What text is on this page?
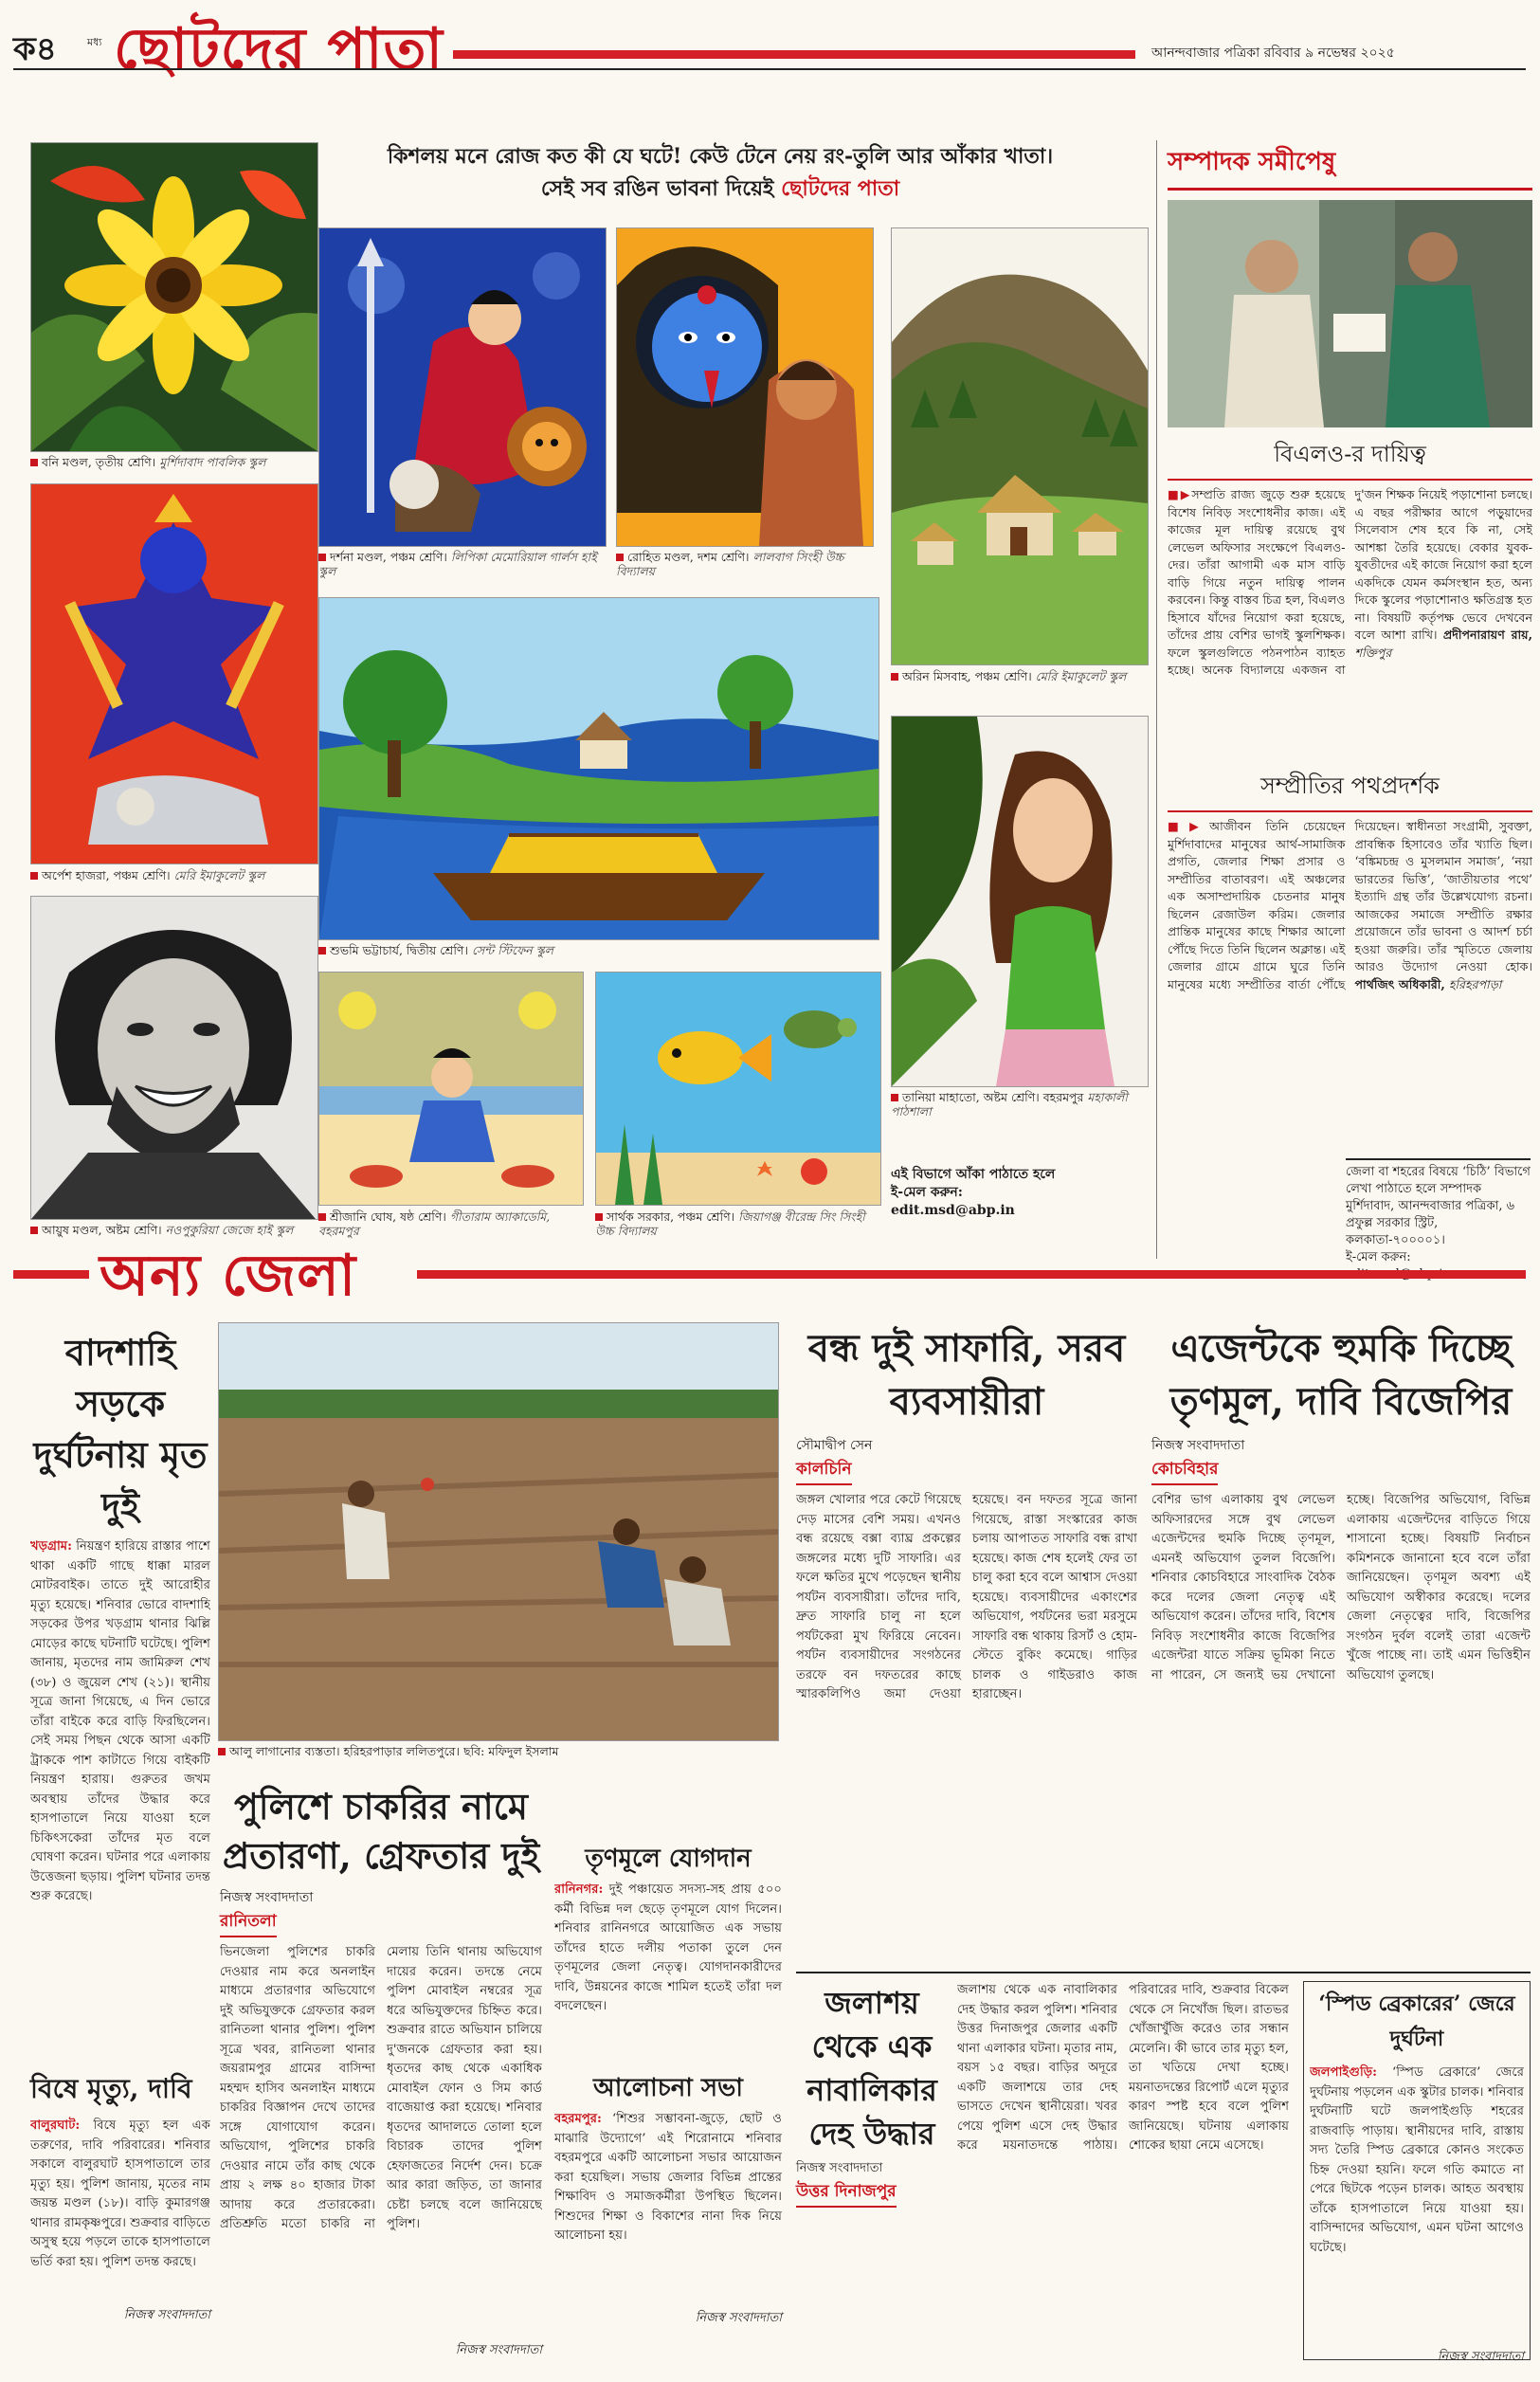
ক৪	মধ্য ছোটদের পাতা	আনন্দবাজার পত্রিকা রবিবার ৯ নভেম্বর ২০২৫
কিশলয় মনে রোজ কত কী যে ঘটে! কেউ টেনে নেয় রং-তুলি আর আঁকার খাতা।
সেই সব রঙিন ভাবনা দিয়েই ছোটদের পাতা
বনি মণ্ডল, তৃতীয় শ্রেণি। মুর্শিদাবাদ পাবলিক স্কুল
দর্শনা মণ্ডল, পঞ্চম শ্রেণি। লিপিকা মেমোরিয়াল গার্লস হাই স্কুল
রোহিত মণ্ডল, দশম শ্রেণি। লালবাগ সিংহী উচ্চ বিদ্যালয়
অরিন মিসবাহ, পঞ্চম শ্রেণি। মেরি ইমাকুলেট স্কুল
অর্পেশ হাজরা, পঞ্চম শ্রেণি। মেরি ইমাকুলেট স্কুল
শুভমি ভট্টাচার্য, দ্বিতীয় শ্রেণি। সেন্ট স্টিফেন স্কুল
তানিয়া মাহাতো, অষ্টম শ্রেণি। বহরমপুর মহাকালী পাঠশালা
আয়ুষ মণ্ডল, অষ্টম শ্রেণি। নওপুকুরিয়া জেজে হাই স্কুল
শ্রীজানি ঘোষ, ষষ্ঠ শ্রেণি। গীতারাম অ্যাকাডেমি, বহরমপুর
সার্থক সরকার, পঞ্চম শ্রেণি। জিয়াগঞ্জ বীরেন্দ্র সিং সিংহী উচ্চ বিদ্যালয়
এই বিভাগে আঁকা পাঠাতে হলে
ই-মেল করুন:
edit.msd@abp.in
সম্পাদক সমীপেষু
বিএলও-র দায়িত্ব
■▶সম্প্রতি রাজ্য জুড়ে শুরু হয়েছে বিশেষ নিবিড় সংশোধনীর কাজ। এই কাজের মূল দায়িত্ব রয়েছে বুথ লেভেল অফিসার সংক্ষেপে বিএলও-দের। তাঁরা আগামী এক মাস বাড়ি বাড়ি গিয়ে নতুন দায়িত্ব পালন করবেন। কিন্তু বাস্তব চিত্র হল, বিএলও হিসাবে যাঁদের নিয়োগ করা হয়েছে, তাঁদের প্রায় বেশির ভাগই স্কুলশিক্ষক। ফলে স্কুলগুলিতে পঠনপাঠন ব্যাহত হচ্ছে। অনেক বিদ্যালয়ে একজন বা দু'জন শিক্ষক নিয়েই পড়াশোনা চলছে। এ বছর পরীক্ষার আগে পড়ুয়াদের সিলেবাস শেষ হবে কি না, সেই আশঙ্কা তৈরি হয়েছে। বেকার যুবক-যুবতীদের এই কাজে নিয়োগ করা হলে একদিকে যেমন কর্মসংস্থান হত, অন্য দিকে স্কুলের পড়াশোনাও ক্ষতিগ্রস্ত হত না। বিষয়টি কর্তৃপক্ষ ভেবে দেখবেন বলে আশা রাখি। প্রদীপনারায়ণ রায়, শক্তিপুর
সম্প্রীতির পথপ্রদর্শক
■▶আজীবন তিনি চেয়েছেন মুর্শিদাবাদের মানুষের আর্থ-সামাজিক প্রগতি, জেলার শিক্ষা প্রসার ও সম্প্রীতির বাতাবরণ। এই অঞ্চলের এক অসাম্প্রদায়িক চেতনার মানুষ ছিলেন রেজাউল করিম। জেলার প্রান্তিক মানুষের কাছে শিক্ষার আলো পৌঁছে দিতে তিনি ছিলেন অক্লান্ত। এই জেলার গ্রামে গ্রামে ঘুরে তিনি মানুষের মধ্যে সম্প্রীতির বার্তা পৌঁছে দিয়েছেন। স্বাধীনতা সংগ্রামী, সুবক্তা, প্রাবন্ধিক হিসাবেও তাঁর খ্যাতি ছিল। ‘বঙ্কিমচন্দ্র ও মুসলমান সমাজ’, ‘নয়া ভারতের ভিত্তি’, ‘জাতীয়তার পথে’ ইত্যাদি গ্রন্থ তাঁর উল্লেখযোগ্য রচনা। আজকের সমাজে সম্প্রীতি রক্ষার প্রয়োজনে তাঁর ভাবনা ও আদর্শ চর্চা হওয়া জরুরি। তাঁর স্মৃতিতে জেলায় আরও উদ্যোগ নেওয়া হোক। পার্থজিৎ অধিকারী, হরিহরপাড়া
জেলা বা শহরের বিষয়ে ‘চিঠি’ বিভাগে লেখা পাঠাতে হলে সম্পাদক মুর্শিদাবাদ, আনন্দবাজার পত্রিকা, ৬ প্রফুল্ল সরকার স্ট্রিট, কলকাতা-৭০০০০১।
ই-মেল করুন:
অন্য জেলা
বাদশাহি সড়কে দুর্ঘটনায় মৃত দুই
খড়গ্রাম: নিয়ন্ত্রণ হারিয়ে রাস্তার পাশে থাকা একটি গাছে ধাক্কা মারল মোটরবাইক। তাতে দুই আরোহীর মৃত্যু হয়েছে। শনিবার ভোরে বাদশাহি সড়কের উপর খড়গ্রাম থানার ঝিল্লি মোড়ের কাছে ঘটনাটি ঘটেছে। পুলিশ জানায়, মৃতদের নাম জামিরুল শেখ (৩৮) ও জুয়েল শেখ (২১)। স্থানীয় সূত্রে জানা গিয়েছে, এ দিন ভোরে তাঁরা বাইকে করে বাড়ি ফিরছিলেন। সেই সময় পিছন থেকে আসা একটি ট্রাককে পাশ কাটাতে গিয়ে বাইকটি নিয়ন্ত্রণ হারায়। গুরুতর জখম অবস্থায় তাঁদের উদ্ধার করে হাসপাতালে নিয়ে যাওয়া হলে চিকিৎসকেরা তাঁদের মৃত বলে ঘোষণা করেন। ঘটনার পরে এলাকায় উত্তেজনা ছড়ায়। পুলিশ ঘটনার তদন্ত শুরু করেছে।
বিষে মৃত্যু, দাবি
বালুরঘাট: বিষে মৃত্যু হল এক তরুণের, দাবি পরিবারের। শনিবার সকালে বালুরঘাট হাসপাতালে তার মৃত্যু হয়। পুলিশ জানায়, মৃতের নাম জয়ন্ত মণ্ডল (১৮)। বাড়ি কুমারগঞ্জ থানার রামকৃষ্ণপুরে। শুক্রবার বাড়িতে অসুস্থ হয়ে পড়লে তাকে হাসপাতালে ভর্তি করা হয়। পুলিশ তদন্ত করছে।
নিজস্ব সংবাদদাতা
আলু লাগানোর ব্যস্ততা। হরিহরপাড়ার ললিতপুরে। ছবি: মফিদুল ইসলাম
পুলিশে চাকরির নামে প্রতারণা, গ্রেফতার দুই
নিজস্ব সংবাদদাতা
রানিতলা
ভিনজেলা পুলিশের চাকরি দেওয়ার নাম করে অনলাইন মাধ্যমে প্রতারণার অভিযোগে দুই অভিযুক্তকে গ্রেফতার করল রানিতলা থানার পুলিশ। পুলিশ সূত্রে খবর, রানিতলা থানার জয়রামপুর গ্রামের বাসিন্দা মহম্মদ হাসিব অনলাইন মাধ্যমে চাকরির বিজ্ঞাপন দেখে তাদের সঙ্গে যোগাযোগ করেন। অভিযোগ, পুলিশের চাকরি দেওয়ার নামে তাঁর কাছ থেকে প্রায় ২ লক্ষ ৪০ হাজার টাকা আদায় করে প্রতারকেরা। প্রতিশ্রুতি মতো চাকরি না মেলায় তিনি থানায় অভিযোগ দায়ের করেন। তদন্তে নেমে পুলিশ মোবাইল নম্বরের সূত্র ধরে অভিযুক্তদের চিহ্নিত করে। শুক্রবার রাতে অভিযান চালিয়ে দু'জনকে গ্রেফতার করা হয়। ধৃতদের কাছ থেকে একাধিক মোবাইল ফোন ও সিম কার্ড বাজেয়াপ্ত করা হয়েছে। শনিবার ধৃতদের আদালতে তোলা হলে বিচারক তাদের পুলিশ হেফাজতের নির্দেশ দেন। চক্রে আর কারা জড়িত, তা জানার চেষ্টা চলছে বলে জানিয়েছে পুলিশ।
নিজস্ব সংবাদদাতা
তৃণমূলে যোগদান
রানিনগর: দুই পঞ্চায়েত সদস্য-সহ প্রায় ৫০০ কর্মী বিভিন্ন দল ছেড়ে তৃণমূলে যোগ দিলেন। শনিবার রানিনগরে আয়োজিত এক সভায় তাঁদের হাতে দলীয় পতাকা তুলে দেন তৃণমূলের জেলা নেতৃত্ব। যোগদানকারীদের দাবি, উন্নয়নের কাজে শামিল হতেই তাঁরা দল বদলেছেন।
আলোচনা সভা
বহরমপুর: ‘শিশুর সম্ভাবনা-জুড়ে, ছোট ও মাঝারি উদ্যোগে’ এই শিরোনামে শনিবার বহরমপুরে একটি আলোচনা সভার আয়োজন করা হয়েছিল। সভায় জেলার বিভিন্ন প্রান্তের শিক্ষাবিদ ও সমাজকর্মীরা উপস্থিত ছিলেন। শিশুদের শিক্ষা ও বিকাশের নানা দিক নিয়ে আলোচনা হয়।
নিজস্ব সংবাদদাতা
বন্ধ দুই সাফারি, সরব ব্যবসায়ীরা
সৌমাদ্বীপ সেন
কালচিনি
জঙ্গল খোলার পরে কেটে গিয়েছে দেড় মাসের বেশি সময়। এখনও বন্ধ রয়েছে বক্সা ব্যাঘ্র প্রকল্পের জঙ্গলের মধ্যে দুটি সাফারি। এর ফলে ক্ষতির মুখে পড়েছেন স্থানীয় পর্যটন ব্যবসায়ীরা। তাঁদের দাবি, দ্রুত সাফারি চালু না হলে পর্যটকেরা মুখ ফিরিয়ে নেবেন। পর্যটন ব্যবসায়ীদের সংগঠনের তরফে বন দফতরের কাছে স্মারকলিপিও জমা দেওয়া হয়েছে। বন দফতর সূত্রে জানা গিয়েছে, রাস্তা সংস্কারের কাজ চলায় আপাতত সাফারি বন্ধ রাখা হয়েছে। কাজ শেষ হলেই ফের তা চালু করা হবে বলে আশ্বাস দেওয়া হয়েছে। ব্যবসায়ীদের একাংশের অভিযোগ, পর্যটনের ভরা মরসুমে সাফারি বন্ধ থাকায় রিসর্ট ও হোম-স্টেতে বুকিং কমেছে। গাড়ির চালক ও গাইডরাও কাজ হারাচ্ছেন।
এজেন্টকে হুমকি দিচ্ছে তৃণমূল, দাবি বিজেপির
নিজস্ব সংবাদদাতা
কোচবিহার
বেশির ভাগ এলাকায় বুথ লেভেল অফিসারদের সঙ্গে বুথ লেভেল এজেন্টদের হুমকি দিচ্ছে তৃণমূল, এমনই অভিযোগ তুলল বিজেপি। শনিবার কোচবিহারে সাংবাদিক বৈঠক করে দলের জেলা নেতৃত্ব এই অভিযোগ করেন। তাঁদের দাবি, বিশেষ নিবিড় সংশোধনীর কাজে বিজেপির এজেন্টরা যাতে সক্রিয় ভূমিকা নিতে না পারেন, সে জন্যই ভয় দেখানো হচ্ছে। বিজেপির অভিযোগ, বিভিন্ন এলাকায় এজেন্টদের বাড়িতে গিয়ে শাসানো হচ্ছে। বিষয়টি নির্বাচন কমিশনকে জানানো হবে বলে তাঁরা জানিয়েছেন। তৃণমূল অবশ্য এই অভিযোগ অস্বীকার করেছে। দলের জেলা নেতৃত্বের দাবি, বিজেপির সংগঠন দুর্বল বলেই তারা এজেন্ট খুঁজে পাচ্ছে না। তাই এমন ভিত্তিহীন অভিযোগ তুলছে।
জলাশয় থেকে এক নাবালিকার দেহ উদ্ধার
নিজস্ব সংবাদদাতা
উত্তর দিনাজপুর
জলাশয় থেকে এক নাবালিকার দেহ উদ্ধার করল পুলিশ। শনিবার উত্তর দিনাজপুর জেলার একটি থানা এলাকার ঘটনা। মৃতার নাম, বয়স ১৫ বছর। বাড়ির অদূরে একটি জলাশয়ে তার দেহ ভাসতে দেখেন স্থানীয়েরা। খবর পেয়ে পুলিশ এসে দেহ উদ্ধার করে ময়নাতদন্তে পাঠায়। পরিবারের দাবি, শুক্রবার বিকেল থেকে সে নিখোঁজ ছিল। রাতভর খোঁজাখুঁজি করেও তার সন্ধান মেলেনি। কী ভাবে তার মৃত্যু হল, তা খতিয়ে দেখা হচ্ছে। ময়নাতদন্তের রিপোর্ট এলে মৃত্যুর কারণ স্পষ্ট হবে বলে পুলিশ জানিয়েছে। ঘটনায় এলাকায় শোকের ছায়া নেমে এসেছে।
‘স্পিড ব্রেকারের’ জেরে দুর্ঘটনা
জলপাইগুড়ি: ‘স্পিড ব্রেকারে’ জেরে দুর্ঘটনায় পড়লেন এক স্কুটার চালক। শনিবার দুর্ঘটনাটি ঘটে জলপাইগুড়ি শহরের রাজবাড়ি পাড়ায়। স্থানীয়দের দাবি, রাস্তায় সদ্য তৈরি স্পিড ব্রেকারে কোনও সংকেত চিহ্ন দেওয়া হয়নি। ফলে গতি কমাতে না পেরে ছিটকে পড়েন চালক। আহত অবস্থায় তাঁকে হাসপাতালে নিয়ে যাওয়া হয়। বাসিন্দাদের অভিযোগ, এমন ঘটনা আগেও ঘটেছে।
নিজস্ব সংবাদদাতা
